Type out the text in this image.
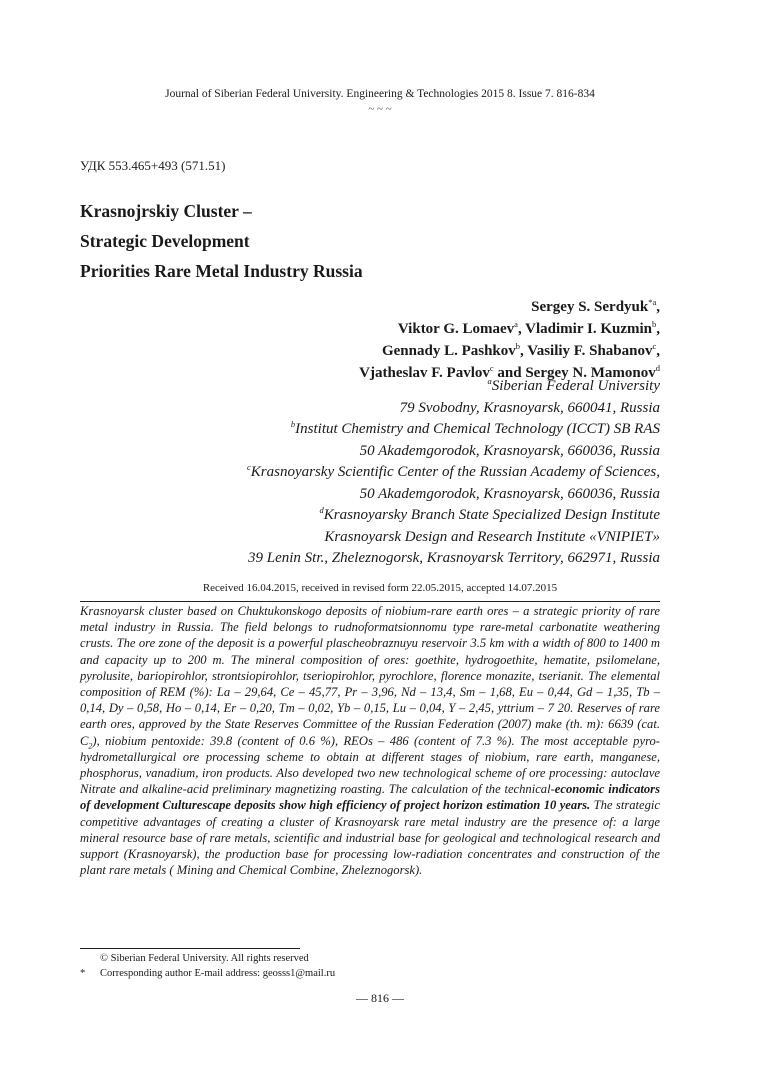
Journal of Siberian Federal University. Engineering & Technologies 2015 8. Issue 7. 816-834
~ ~ ~
УДК 553.465+493 (571.51)
Krasnojrskiy Cluster –
Strategic Development
Priorities Rare Metal Industry Russia
Sergey S. Serdyuk$^{*a}$,
Viktor G. Lomaev$^a$, Vladimir I. Kuzmin$^b$,
Gennady L. Pashkov$^b$, Vasiliy F. Shabanov$^c$,
Vjatheslav F. Pavlov$^c$ and Sergey N. Mamonov$^d$
$^a$Siberian Federal University
79 Svobodny, Krasnoyarsk, 660041, Russia
$^b$Institut Chemistry and Chemical Technology (ICCT) SB RAS
50 Akademgorodok, Krasnoyarsk, 660036, Russia
$^c$Krasnoyarsky Scientific Center of the Russian Academy of Sciences,
50 Akademgorodok, Krasnoyarsk, 660036, Russia
$^d$Krasnoyarsky Branch State Specialized Design Institute
Krasnoyarsk Design and Research Institute «VNIPIET»
39 Lenin Str., Zheleznogorsk, Krasnoyarsk Territory, 662971, Russia
Received 16.04.2015, received in revised form 22.05.2015, accepted 14.07.2015
Krasnoyarsk cluster based on Chuktukonskogo deposits of niobium-rare earth ores – a strategic priority of rare metal industry in Russia. The field belongs to rudnoformatsionnomu type rare-metal carbonatite weathering crusts. The ore zone of the deposit is a powerful plascheobraznuyu reservoir 3.5 km with a width of 800 to 1400 m and capacity up to 200 m. The mineral composition of ores: goethite, hydrogoethite, hematite, psilomelane, pyrolusite, bariopirohlor, strontsiopirohlor, tseriopirohlor, pyrochlore, florence monazite, tserianit. The elemental composition of REM (%): La – 29,64, Ce – 45,77, Pr – 3,96, Nd – 13,4, Sm – 1,68, Eu – 0,44, Gd – 1,35, Tb – 0,14, Dy – 0,58, Ho – 0,14, Er – 0,20, Tm – 0,02, Yb – 0,15, Lu – 0,04, Y – 2,45, yttrium – 7 20. Reserves of rare earth ores, approved by the State Reserves Committee of the Russian Federation (2007) make (th. m): 6639 (cat. $C_2$), niobium pentoxide: 39.8 (content of 0.6 %), REOs – 486 (content of 7.3 %). The most acceptable pyro-hydrometallurgical ore processing scheme to obtain at different stages of niobium, rare earth, manganese, phosphorus, vanadium, iron products. Also developed two new technological scheme of ore processing: autoclave Nitrate and alkaline-acid preliminary magnetizing roasting. The calculation of the technical-economic indicators of development Culturescape deposits show high efficiency of project horizon estimation 10 years. The strategic competitive advantages of creating a cluster of Krasnoyarsk rare metal industry are the presence of: a large mineral resource base of rare metals, scientific and industrial base for geological and technological research and support (Krasnoyarsk), the production base for processing low-radiation concentrates and construction of the plant rare metals ( Mining and Chemical Combine, Zheleznogorsk).
© Siberian Federal University. All rights reserved
*	Corresponding author E-mail address: geosss1@mail.ru
— 816 —
